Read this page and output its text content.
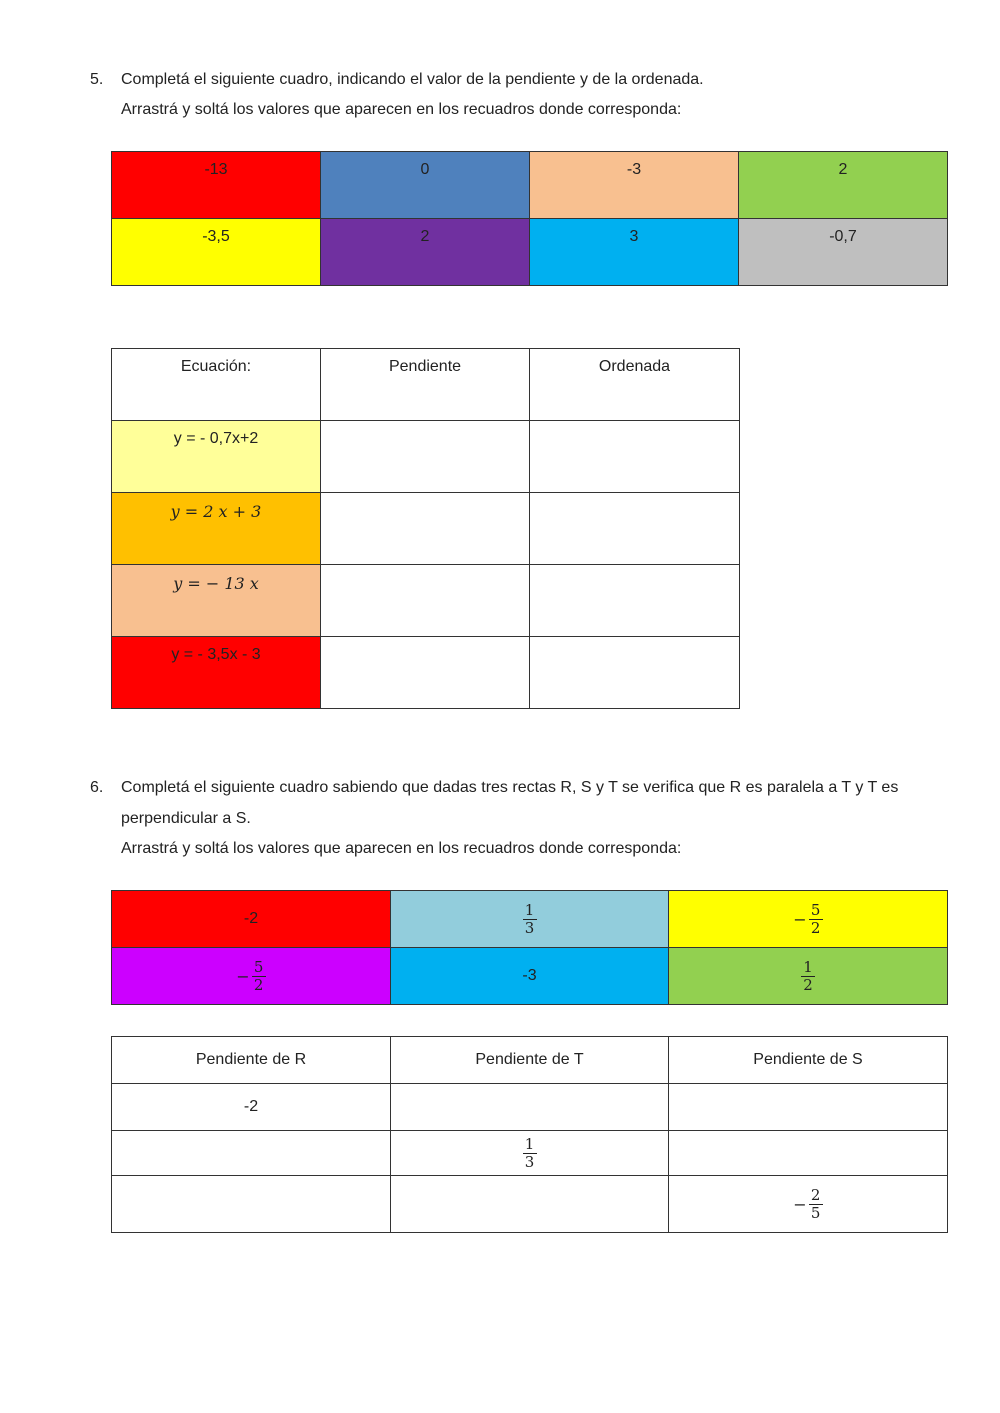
5. Completá el siguiente cuadro, indicando el valor de la pendiente y de la ordenada.
Arrastrá y soltá los valores que aparecen en los recuadros donde corresponda:
-13	0	-3	2
-3,5	2	3	-0,7
Ecuación:	Pendiente	Ordenada
y = - 0,7x+2		
y = 2 x + 3		
y = − 13 x		
y = - 3,5x - 3		
6. Completá el siguiente cuadro sabiendo que dadas tres rectas R, S y T se verifica que R es paralela a T y T es
perpendicular a S.
Arrastrá y soltá los valores que aparecen en los recuadros donde corresponda:
-2	$\frac{1}{3}$	− $\frac{5}{2}$

− $\frac{5}{2}$	-3	$\frac{1}{2}$
Pendiente de R	Pendiente de T	Pendiente de S
-2		

	$\frac{1}{3}$

		− $\frac{2}{5}$
